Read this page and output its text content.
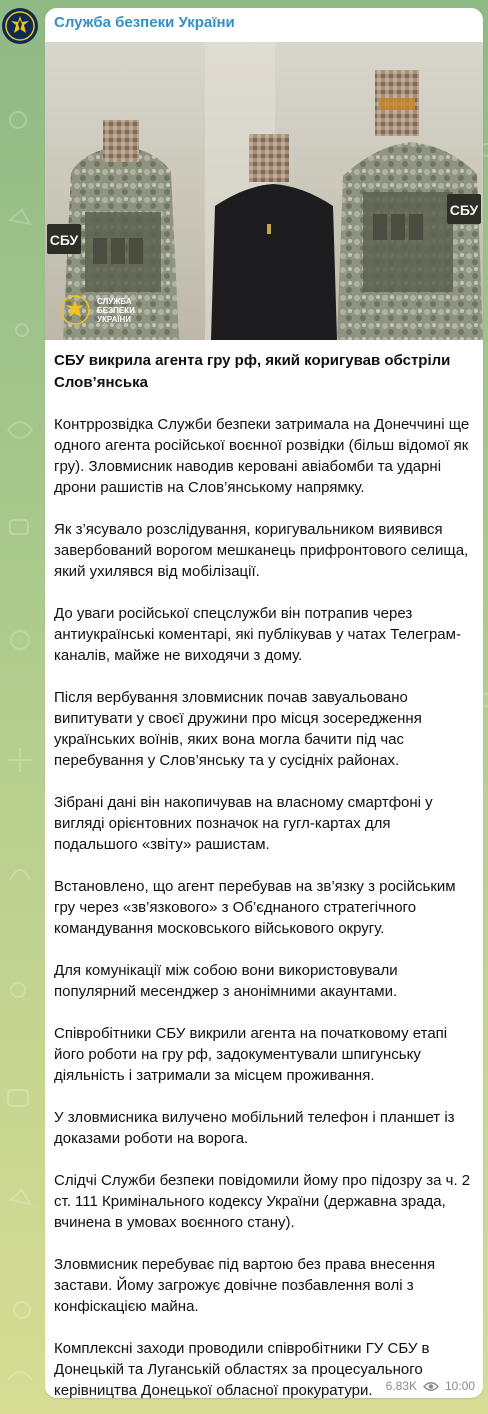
Служба безпеки України
СБУ
СБУ
СЛУЖБА
БЕЗПЕКИ
УКРАЇНИ
СБУ викрила агента гру рф, який коригував обстріли Слов’янська

Контррозвідка Служби безпеки затримала на Донеччині ще одного агента російської воєнної розвідки (більш відомої як гру). Зловмисник наводив керовані авіабомби та ударні дрони рашистів на Слов’янському напрямку.

Як з’ясувало розслідування, коригувальником виявився завербований ворогом мешканець прифронтового селища, який ухилявся від мобілізації.

До уваги російської спецслужби він потрапив через антиукраїнські коментарі, які публікував у чатах Телеграм-каналів, майже не виходячи з дому.

Після вербування зловмисник почав завуальовано випитувати у своєї дружини про місця зосередження українських воїнів, яких вона могла бачити під час перебування у Слов’янську та у сусідніх районах.

Зібрані дані він накопичував на власному смартфоні у вигляді орієнтовних позначок на гугл-картах для подальшого «звіту» рашистам.

Встановлено, що агент перебував на зв’язку з російським гру через «зв’язкового» з Об’єднаного стратегічного командування московського військового округу.

Для комунікації між собою вони використовували популярний месенджер з анонімними акаунтами.

Співробітники СБУ викрили агента на початковому етапі його роботи на гру рф, задокументували шпигунську діяльність і затримали за місцем проживання.

У зловмисника вилучено мобільний телефон і планшет із доказами роботи на ворога.

Слідчі Служби безпеки повідомили йому про підозру за ч. 2 ст. 111 Кримінального кодексу України (державна зрада, вчинена в умовах воєнного стану).

Зловмисник перебуває під вартою без права внесення застави. Йому загрожує довічне позбавлення волі з конфіскацією майна.

Комплексні заходи проводили співробітники ГУ СБУ в Донецькій та Луганській областях за процесуального керівництва Донецької обласної прокуратури.	6.83K 10:00
